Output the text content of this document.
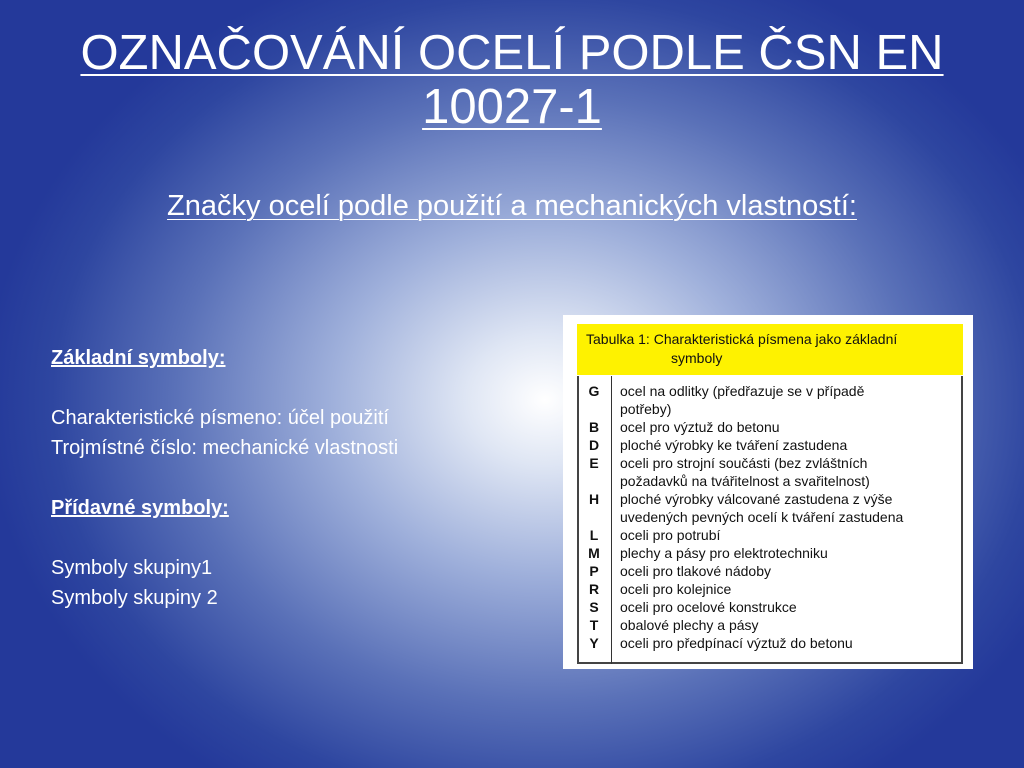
OZNAČOVÁNÍ OCELÍ PODLE ČSN EN 10027-1
Značky ocelí podle použití a mechanických vlastností:
Základní symboly:
Charakteristické písmeno: účel použití
Trojmístné číslo: mechanické vlastnosti
Přídavné symboly:
Symboly skupiny1
Symboly skupiny 2
Tabulka 1: Charakteristická písmena jako základní
symboly
G	ocel na odlitky (předřazuje se v případě
potřeby)
B	ocel pro výztuž do betonu
D	ploché výrobky ke tváření zastudena
E	oceli pro strojní součásti (bez zvláštních
požadavků na tvářitelnost a svařitelnost)
H	ploché výrobky válcované zastudena z výše
uvedených pevných ocelí k tváření zastudena
L	oceli pro potrubí
M	plechy a pásy pro elektrotechniku
P	oceli pro tlakové nádoby
R	oceli pro kolejnice
S	oceli pro ocelové konstrukce
T	obalové plechy a pásy
Y	oceli pro předpínací výztuž do betonu
